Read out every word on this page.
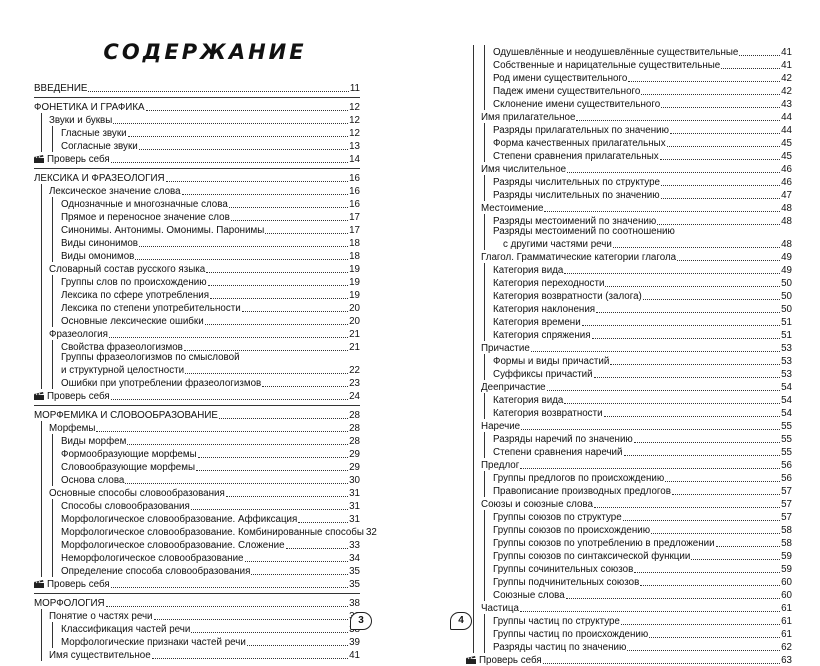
СОДЕРЖАНИЕ
ВВЕДЕНИЕ	11
ФОНЕТИКА И ГРАФИКА	12
Звуки и буквы	12
Гласные звуки	12
Согласные звуки	13
Проверь себя	14
ЛЕКСИКА И ФРАЗЕОЛОГИЯ	16
Лексическое значение слова	16
Однозначные и многозначные слова	16
Прямое и переносное значение слов	17
Синонимы. Антонимы. Омонимы. Паронимы	17
Виды синонимов	18
Виды омонимов	18
Словарный состав русского языка	19
Группы слов по происхождению	19
Лексика по сфере употребления	19
Лексика по степени употребительности	20
Основные лексические ошибки	20
Фразеология	21
Свойства фразеологизмов	21
Группы фразеологизмов по смысловой
и структурной целостности	22
Ошибки при употреблении фразеологизмов	23
Проверь себя	24
МОРФЕМИКА И СЛОВООБРАЗОВАНИЕ	28
Морфемы	28
Виды морфем	28
Формообразующие морфемы	29
Словообразующие морфемы	29
Основа слова	30
Основные способы словообразования	31
Способы словообразования	31
Морфологическое словообразование. Аффиксация	31
Морфологическое словообразование. Комбинированные способы 32
Морфологическое словообразование. Сложение	33
Неморфологическое словообразование	34
Определение способа словообразования	35
Проверь себя	35
МОРФОЛОГИЯ	38
Понятие о частях речи
Классификация частей речи
Морфологические признаки частей речи	39
Имя существительное	41
3
Одушевлённые и неодушевлённые существительные	41
Собственные и нарицательные существительные	41
Род имени существительного	42
Падеж имени существительного	42
Склонение имени существительного	43
Имя прилагательное	44
Разряды прилагательных по значению	44
Форма качественных прилагательных	45
Степени сравнения прилагательных	45
Имя числительное	46
Разряды числительных по структуре	46
Разряды числительных по значению	47
Местоимение	48
Разряды местоимений по значению	48
Разряды местоимений по соотношению
с другими частями речи	48
Глагол. Грамматические категории глагола	49
Категория вида	49
Категория переходности	50
Категория возвратности (залога)	50
Категория наклонения	50
Категория времени	51
Категория спряжения	51
Причастие	53
Формы и виды причастий	53
Суффиксы причастий	53
Деепричастие	54
Категория вида	54
Категория возвратности	54
Наречие	55
Разряды наречий по значению	55
Степени сравнения наречий	55
Предлог	56
Группы предлогов по происхождению	56
Правописание производных предлогов	57
Союзы и союзные слова	57
Группы союзов по структуре	57
Группы союзов по происхождению	58
Группы союзов по употреблению в предложении	58
Группы союзов по синтаксической функции	59
Группы сочинительных союзов	59
Группы подчинительных союзов	60
Союзные слова	60
Частица	61
Группы частиц по структуре	61
Группы частиц по происхождению	61
Разряды частиц по значению	62
Проверь себя	63
4
